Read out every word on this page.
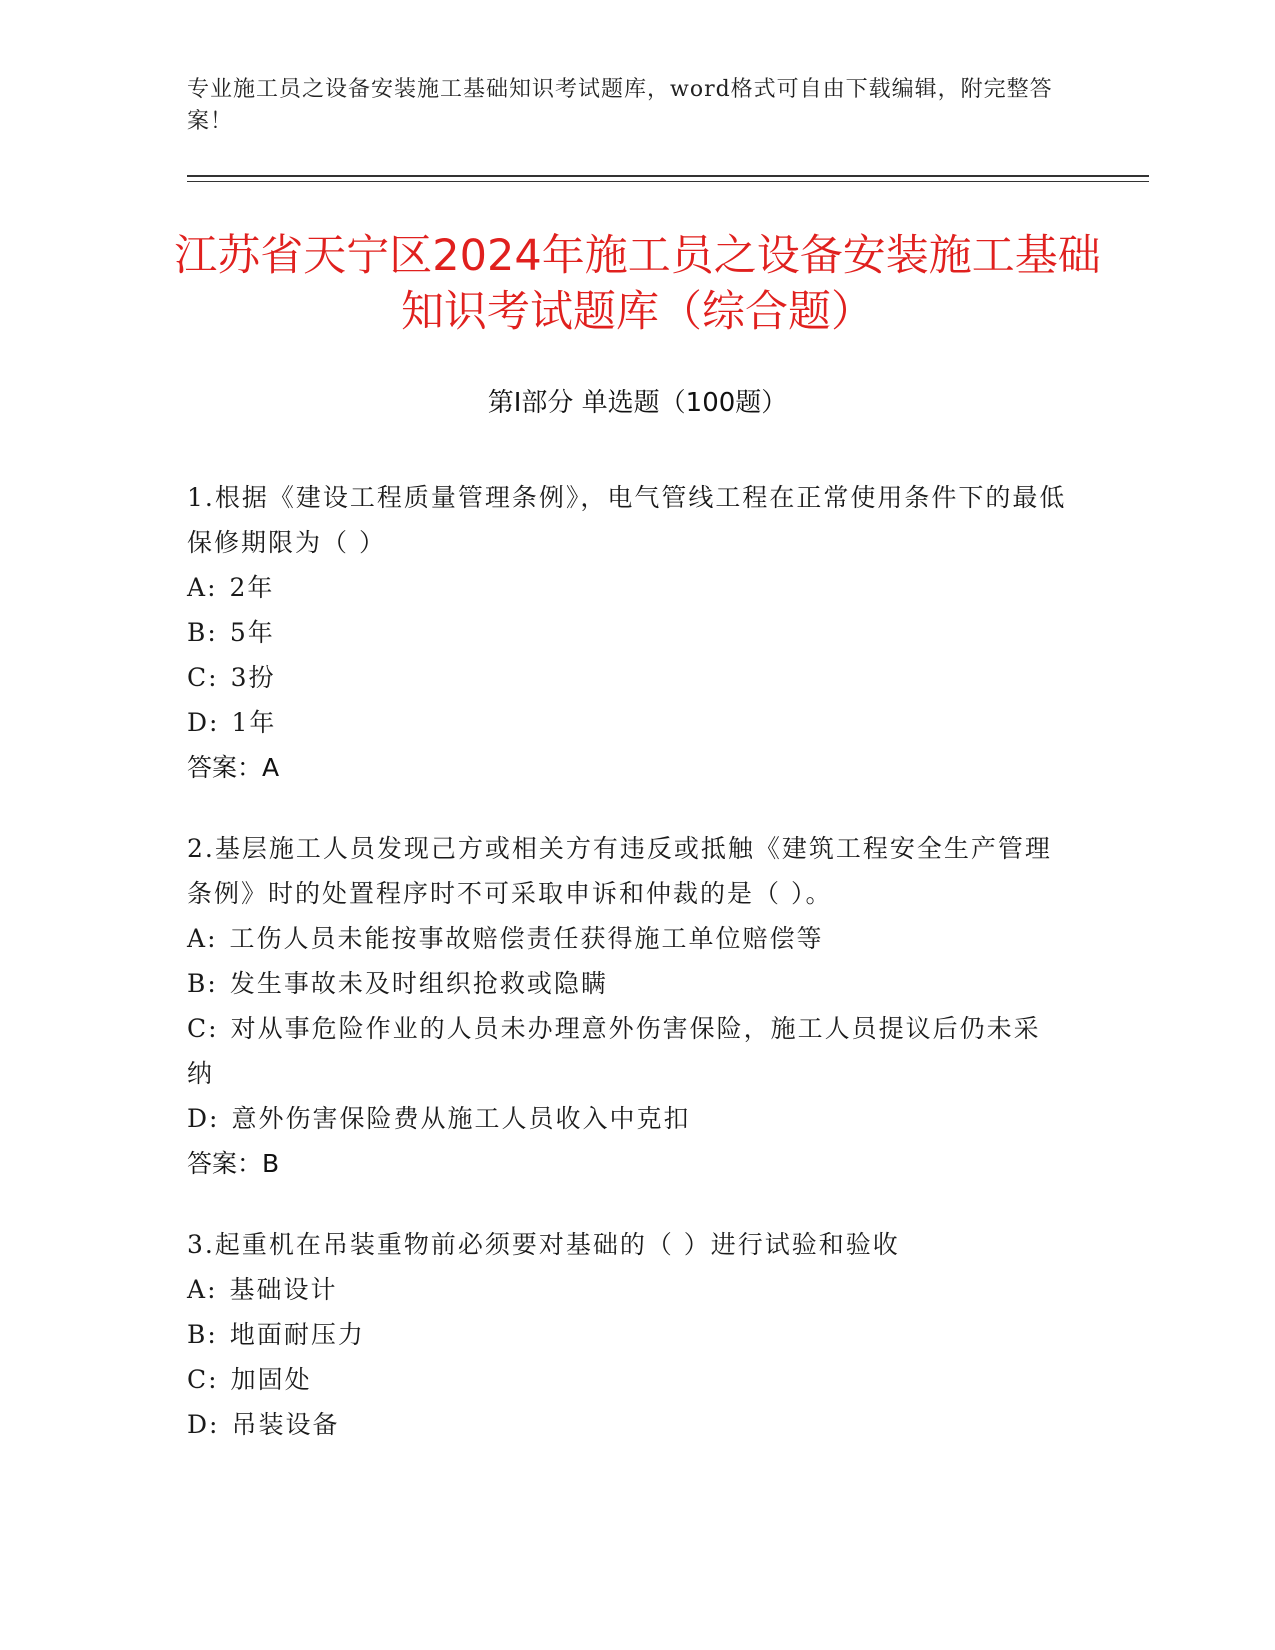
专业施工员之设备安装施工基础知识考试题库，word格式可自由下载编辑，附完整答案！
江苏省天宁区2024年施工员之设备安装施工基础知识考试题库（综合题）
第I部分 单选题（100题）

1.根据《建设工程质量管理条例》，电气管线工程在正常使用条件下的最低保修期限为（ ）

A: 2年

B: 5年

C: 3扮

D: 1年

答案：A

2.基层施工人员发现己方或相关方有违反或抵触《建筑工程安全生产管理条例》时的处置程序时不可采取申诉和仲裁的是（ ）。

A: 工伤人员未能按事故赔偿责任获得施工单位赔偿等

B: 发生事故未及时组织抢救或隐瞒

C: 对从事危险作业的人员未办理意外伤害保险，施工人员提议后仍未采纳

D: 意外伤害保险费从施工人员收入中克扣

答案：B

3.起重机在吊装重物前必须要对基础的（ ）进行试验和验收

A: 基础设计

B: 地面耐压力

C: 加固处

D: 吊装设备
